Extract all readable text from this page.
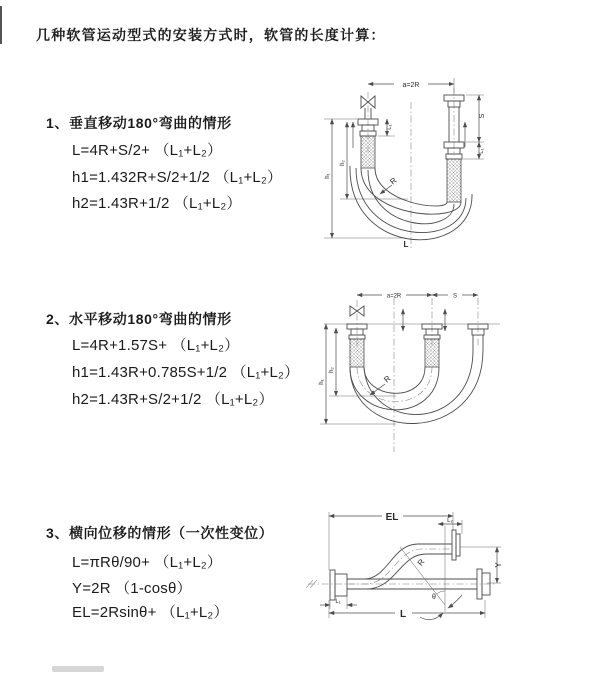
几种软管运动型式的安装方式时，软管的长度计算：
1、垂直移动180°弯曲的情形
L=4R+S/2+ （L₁+L₂）
h1=1.432R+S/2+1/2 （L₁+L₂）
h2=1.43R+1/2 （L₁+L₂）
a=2R
L₁
S
L₁
h₁
h₂
R
L
2、水平移动180°弯曲的情形
L=4R+1.57S+ （L₁+L₂）
h1=1.43R+0.785S+1/2 （L₁+L₂）
h2=1.43R+S/2+1/2 （L₁+L₂）
a=2R	S
h₁
h₂
R
3、横向位移的情形（一次性变位）
L=πRθ/90+ （L₁+L₂）
Y=2R （1-cosθ）
EL=2Rsinθ+ （L₁+L₂）
EL	L₂
Y
θ
R
L₁
L
